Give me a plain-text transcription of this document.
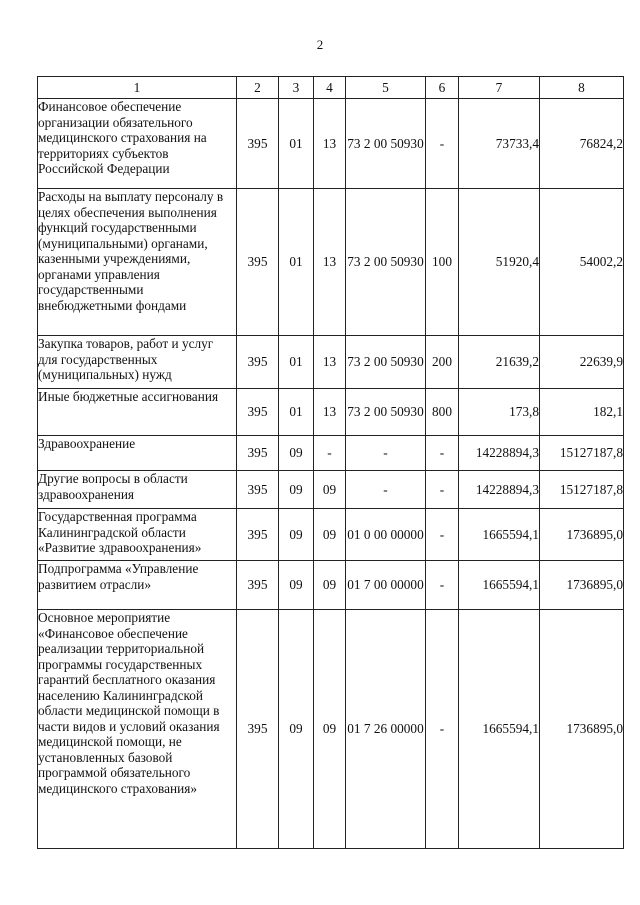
2
1	2	3	4	5	6	7	8
Финансовое обеспечение организации обязательного медицинского страхования на территориях субъектов Российской Федерации	395	01	13	73 2 00 50930	-	73733,4	76824,2
Расходы на выплату персоналу в целях обеспечения выполнения функций государственными (муниципальными) органами, казенными учреждениями, органами управления государственными внебюджетными фондами	395	01	13	73 2 00 50930	100	51920,4	54002,2
Закупка товаров, работ и услуг для государственных (муниципальных) нужд	395	01	13	73 2 00 50930	200	21639,2	22639,9
Иные бюджетные ассигнования	395	01	13	73 2 00 50930	800	173,8	182,1
Здравоохранение	395	09	-	-	-	14228894,3	15127187,8
Другие вопросы в области здравоохранения	395	09	09	-	-	14228894,3	15127187,8
Государственная программа Калининградской области «Развитие здравоохранения»	395	09	09	01 0 00 00000	-	1665594,1	1736895,0
Подпрограмма «Управление развитием отрасли»	395	09	09	01 7 00 00000	-	1665594,1	1736895,0
Основное мероприятие «Финансовое обеспечение реализации территориальной программы государственных гарантий бесплатного оказания населению Калининградской области медицинской помощи в части видов и условий оказания медицинской помощи, не установленных базовой программой обязательного медицинского страхования»	395	09	09	01 7 26 00000	-	1665594,1	1736895,0
